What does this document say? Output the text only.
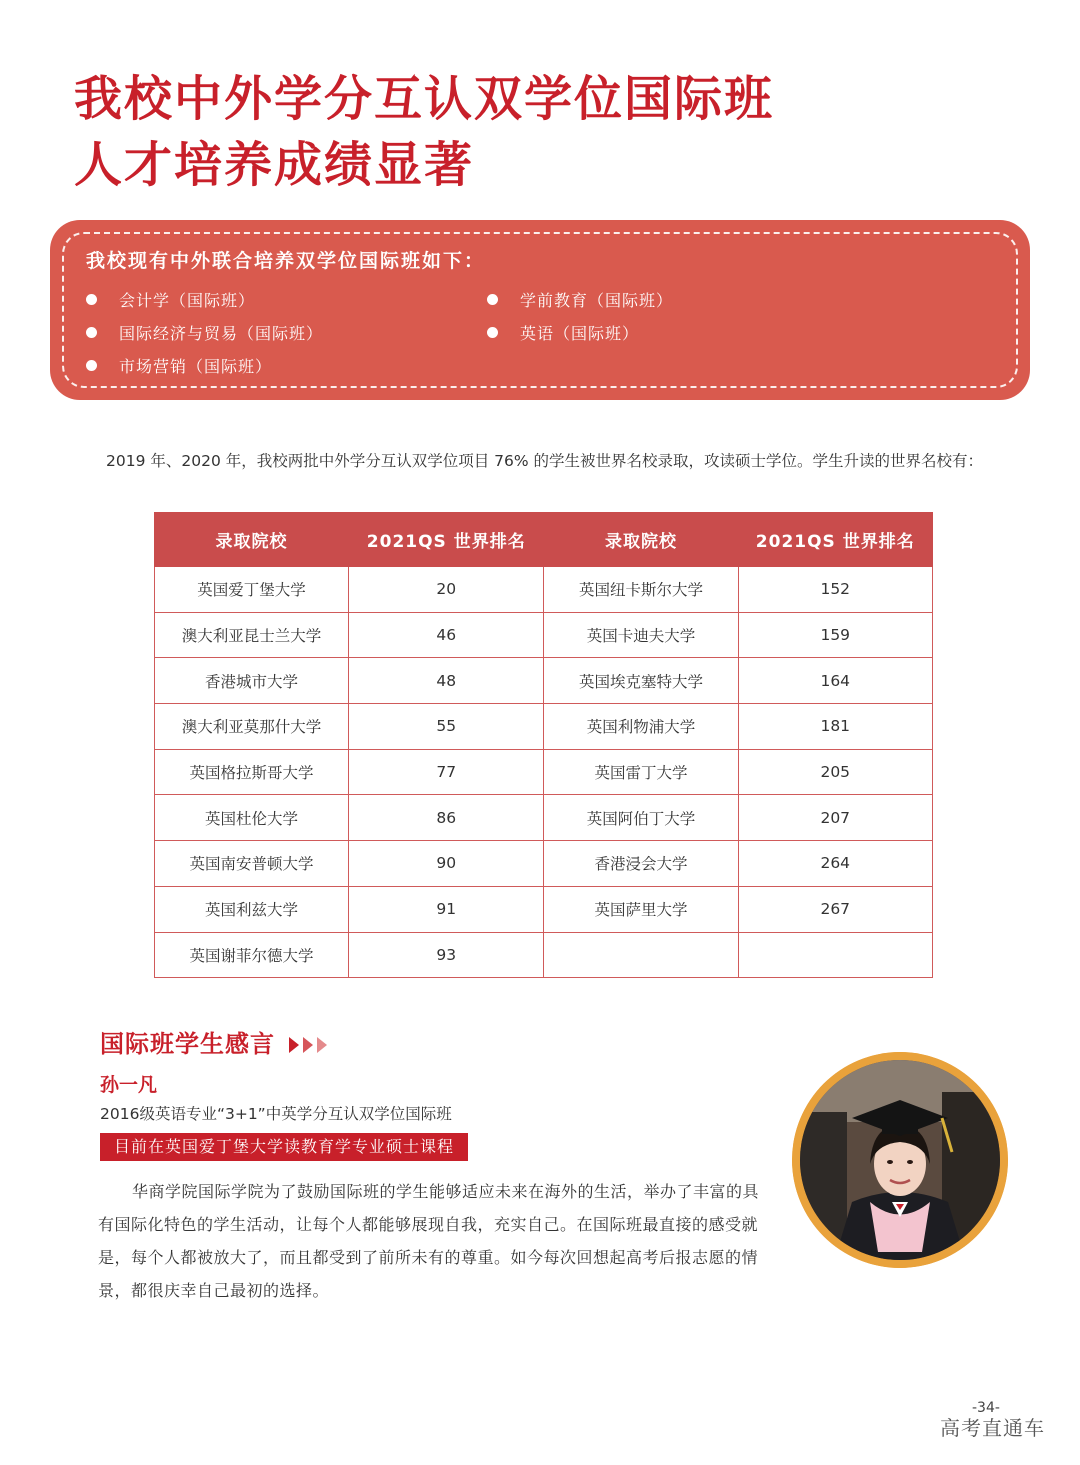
我校中外学分互认双学位国际班
人才培养成绩显著
我校现有中外联合培养双学位国际班如下：
会计学（国际班）	学前教育（国际班）
国际经济与贸易（国际班）	英语（国际班）
市场营销（国际班）

2019 年、2020 年，我校两批中外学分互认双学位项目 76% 的学生被世界名校录取，攻读硕士学位。学生升读的世界名校有：

录取院校	2021QS 世界排名	录取院校	2021QS 世界排名
英国爱丁堡大学	20	英国纽卡斯尔大学	152
澳大利亚昆士兰大学	46	英国卡迪夫大学	159
香港城市大学	48	英国埃克塞特大学	164
澳大利亚莫那什大学	55	英国利物浦大学	181
英国格拉斯哥大学	77	英国雷丁大学	205
英国杜伦大学	86	英国阿伯丁大学	207
英国南安普顿大学	90	香港浸会大学	264
英国利兹大学	91	英国萨里大学	267
英国谢菲尔德大学	93		
国际班学生感言
孙一凡
2016级英语专业“3+1”中英学分互认双学位国际班
目前在英国爱丁堡大学读教育学专业硕士课程

华商学院国际学院为了鼓励国际班的学生能够适应未来在海外的生活，举办了丰富的具有国际化特色的学生活动，让每个人都能够展现自我，充实自己。在国际班最直接的感受就是，每个人都被放大了，而且都受到了前所未有的尊重。如今每次回想起高考后报志愿的情景，都很庆幸自己最初的选择。

-34-
高考直通车
